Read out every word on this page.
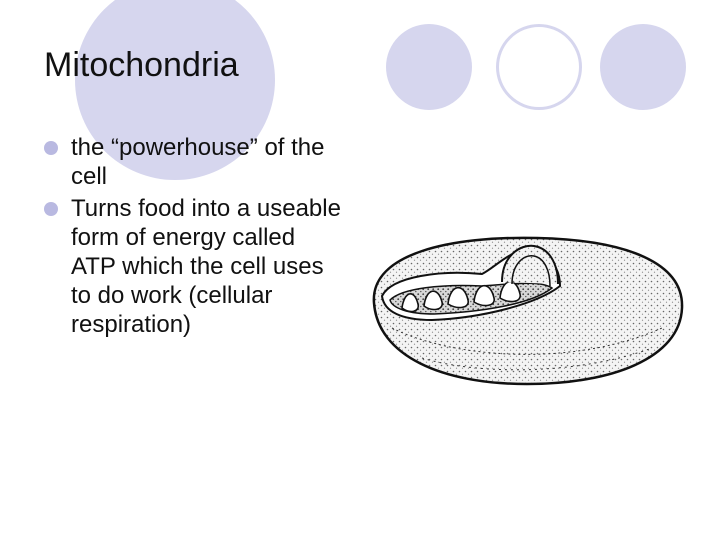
Mitochondria
the “powerhouse” of the cell
Turns food into a useable form of energy called ATP which the cell uses to do work (cellular respiration)
